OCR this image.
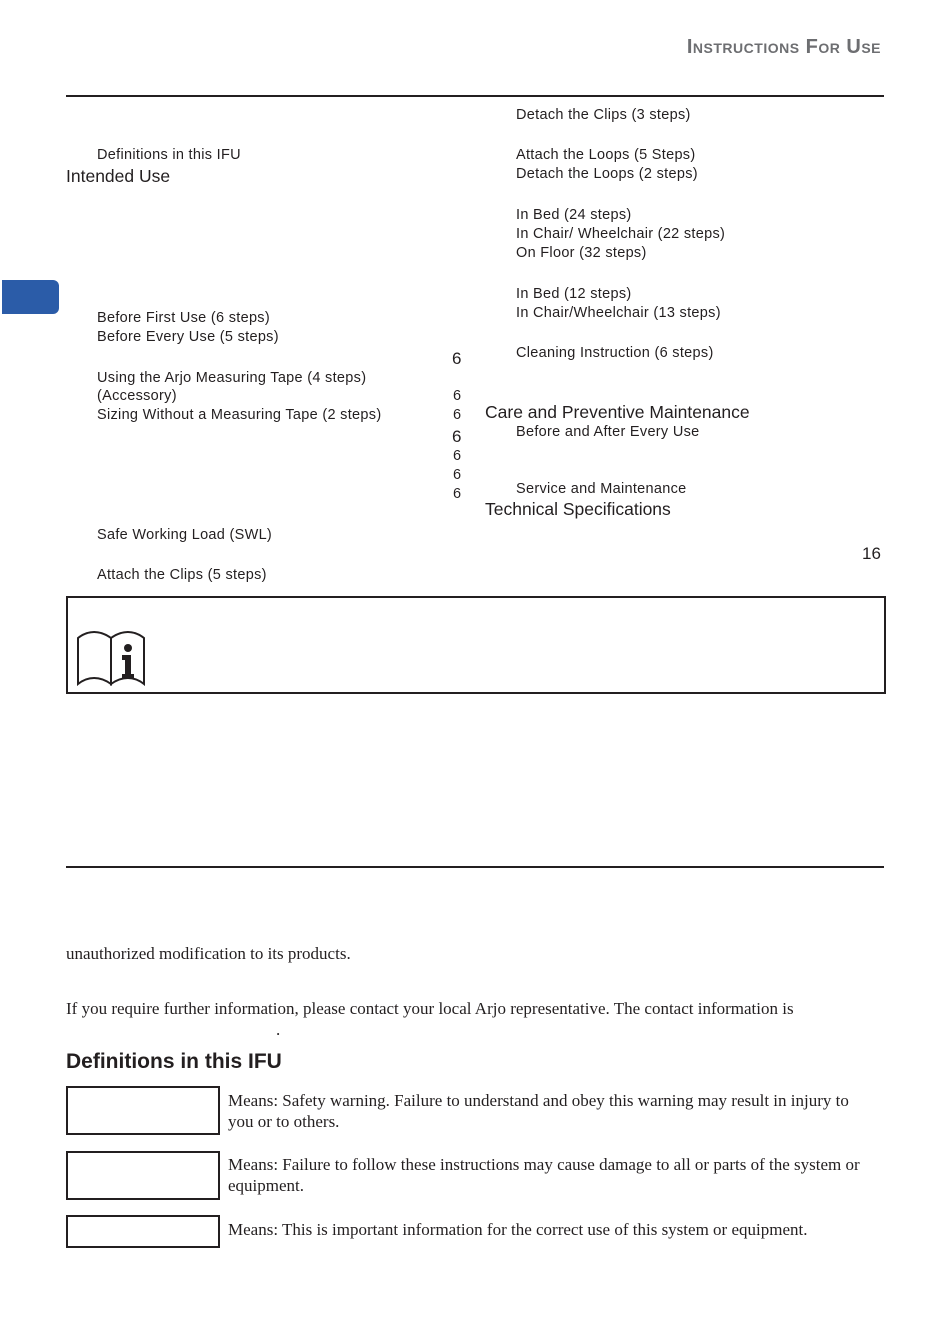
Instructions For Use
Definitions in this IFU
Intended Use
Before First Use (6 steps)
Before Every Use (5 steps)
Using the Arjo Measuring Tape (4 steps)
(Accessory)
Sizing Without a Measuring Tape (2 steps)
Safe Working Load (SWL)
Attach the Clips (5 steps)
6
6
6
6
6
6
6
Detach the Clips (3 steps)
Attach the Loops (5 Steps)
Detach the Loops (2 steps)
In Bed (24 steps)
In Chair/ Wheelchair (22 steps)
On Floor (32 steps)
In Bed (12 steps)
In Chair/Wheelchair (13 steps)
Cleaning Instruction (6 steps)
Care and Preventive Maintenance
Before and After Every Use
Service and Maintenance
Technical Specifications
16
unauthorized modification to its products.
If you require further information, please contact your local Arjo representative. The contact information is
.
Definitions in this IFU
Means: Safety warning. Failure to understand and obey this warning may result in injury to you or to others.
Means: Failure to follow these instructions may cause damage to all or parts of the system or equipment.
Means: This is important information for the correct use of this system or equipment.
